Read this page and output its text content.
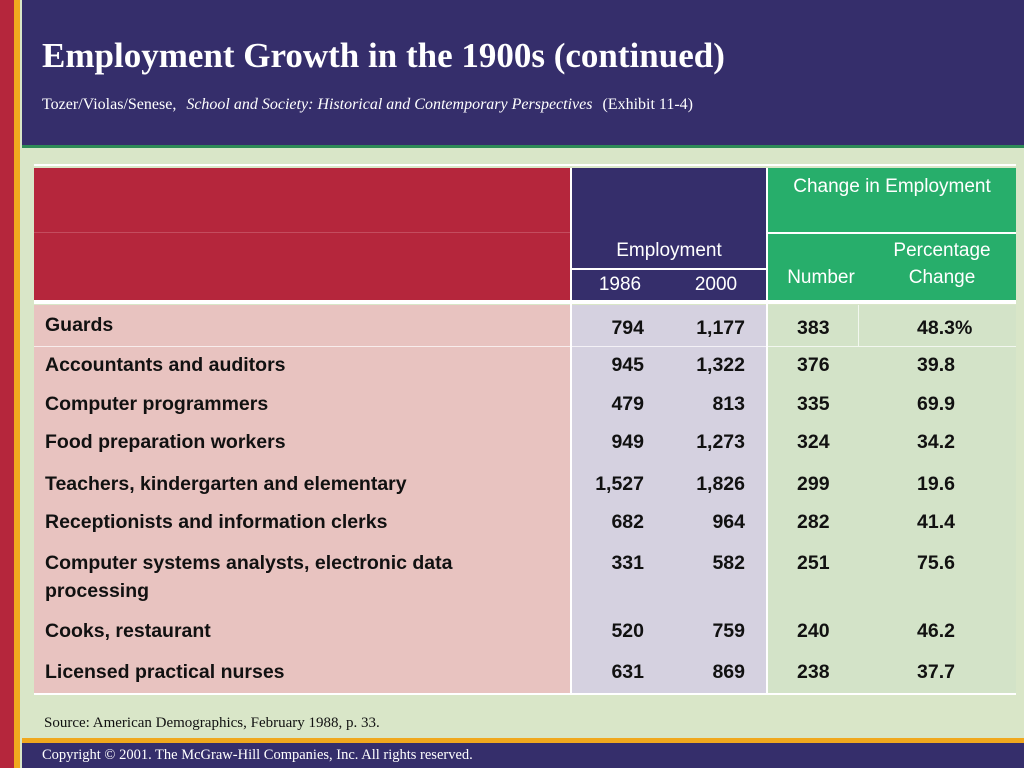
Employment Growth in the 1900s (continued)
Tozer/Violas/Senese, School and Society: Historical and Contemporary Perspectives (Exhibit 11-4)
Change in Employment
Employment
1986	2000	Number
Percentage Change
Guards	794	1,177	383	48.3%
Accountants and auditors	945	1,322	376	39.8
Computer programmers	479	813	335	69.9
Food preparation workers	949	1,273	324	34.2
Teachers, kindergarten and elementary	1,527	1,826	299	19.6
Receptionists and information clerks	682	964	282	41.4
Computer systems analysts, electronic data processing
331	582	251	75.6
Cooks, restaurant	520	759	240	46.2
Licensed practical nurses	631	869	238	37.7
Source: American Demographics, February 1988, p. 33.
Copyright © 2001. The McGraw-Hill Companies, Inc. All rights reserved.
